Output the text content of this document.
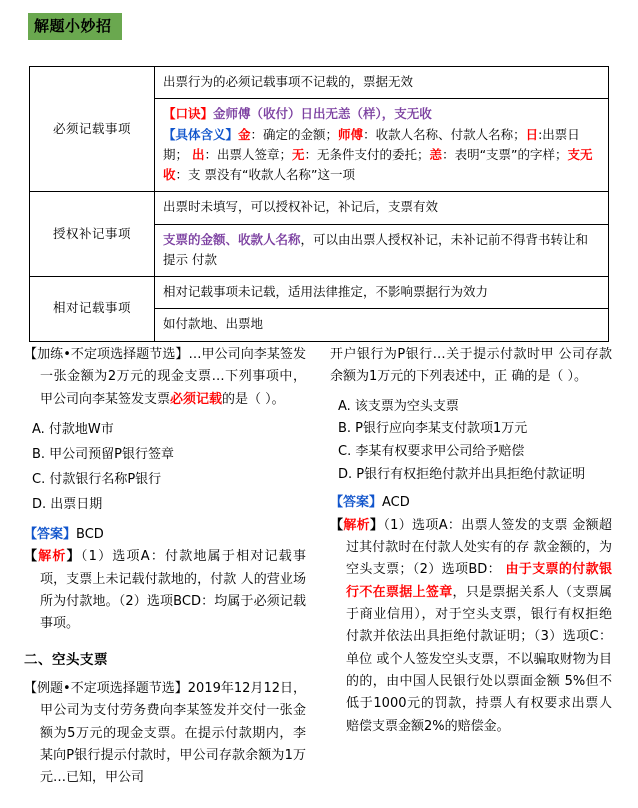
解题小妙招
必须记载事项	出票行为的必须记载事项不记载的，票据无效

	【口诀】金师傅（收付）日出无恙（样），支无收
【具体含义】金：确定的金额；师傅：收款人名称、付款人名称；日:出票日期； 出：出票人签章；无：无条件支付的委托；恙：表明“支票”的字样；支无收：支 票没有“收款人名称”这一项

授权补记事项	出票时未填写，可以授权补记，补记后，支票有效
	支票的金额、收款人名称，可以由出票人授权补记，未补记前不得背书转让和提示 付款
相对记载事项	相对记载事项未记载，适用法律推定，不影响票据行为效力
	如付款地、出票地

【加练•不定项选择题节选】…甲公司向李某签发一张金额为2万元的现金支票…下列事项中，甲公司向李某签发支票必须记载的是（ ）。

A. 付款地W市
B. 甲公司预留P银行签章
C. 付款银行名称P银行
D. 出票日期

【答案】BCD

【解析】（1）选项A：付款地属于相对记载事项，支票上未记载付款地的，付款 人的营业场所为付款地。（2）选项BCD：均属于必须记载事项。

二、空头支票

【例题•不定项选择题节选】2019年12月12日，甲公司为支付劳务费向李某签发并交付一张金额为5万元的现金支票。在提示付款期内，李某向P银行提示付款时，甲公司存款余额为1万元…已知，甲公司

开户银行为P银行…关于提示付款时甲 公司存款余额为1万元的下列表述中，正 确的是（ ）。

A. 该支票为空头支票
B. P银行应向李某支付款项1万元
C. 李某有权要求甲公司给予赔偿
D. P银行有权拒绝付款并出具拒绝付款证明

【答案】ACD

【解析】（1）选项A：出票人签发的支票 金额超过其付款时在付款人处实有的存 款金额的，为空头支票；（2）选项BD： 由于支票的付款银行不在票据上签章，只是票据关系人（支票属于商业信用），对于空头支票，银行有权拒绝付款并依法出具拒绝付款证明；（3）选项C：单位 或个人签发空头支票，不以骗取财物为目的的，由中国人民银行处以票面金额 5%但不低于1000元的罚款，持票人有权要求出票人赔偿支票金额2%的赔偿金。
